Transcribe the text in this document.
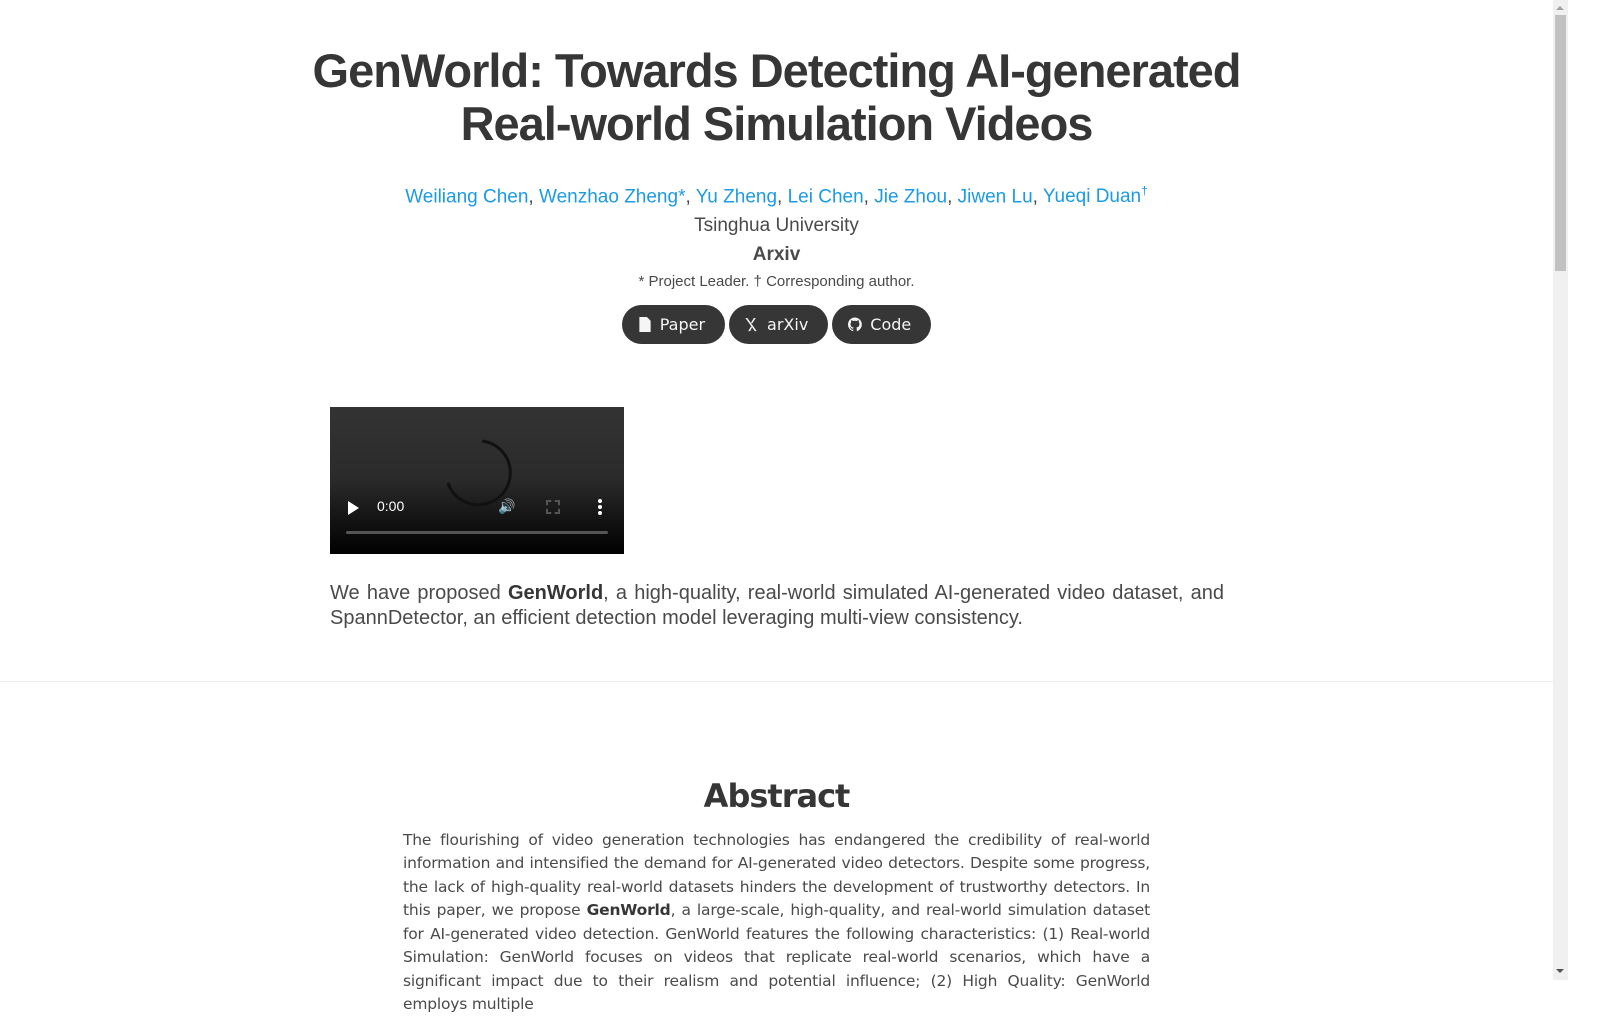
GenWorld: Towards Detecting AI-generated Real-world Simulation Videos
Weiliang Chen, Wenzhao Zheng*, Yu Zheng, Lei Chen, Jie Zhou, Jiwen Lu, Yueqi Duan†
Tsinghua University
Arxiv
* Project Leader. † Corresponding author.
Paper	arXiv	Code
0:00	🔊

We have proposed GenWorld, a high-quality, real-world simulated AI-generated video dataset, and SpannDetector, an efficient detection model leveraging multi-view consistency.

Abstract

The flourishing of video generation technologies has endangered the credibility of real-world information and intensified the demand for AI-generated video detectors. Despite some progress, the lack of high-quality real-world datasets hinders the development of trustworthy detectors. In this paper, we propose GenWorld, a large-scale, high-quality, and real-world simulation dataset for AI-generated video detection. GenWorld features the following characteristics: (1) Real-world Simulation: GenWorld focuses on videos that replicate real-world scenarios, which have a significant impact due to their realism and potential influence; (2) High Quality: GenWorld employs multiple
